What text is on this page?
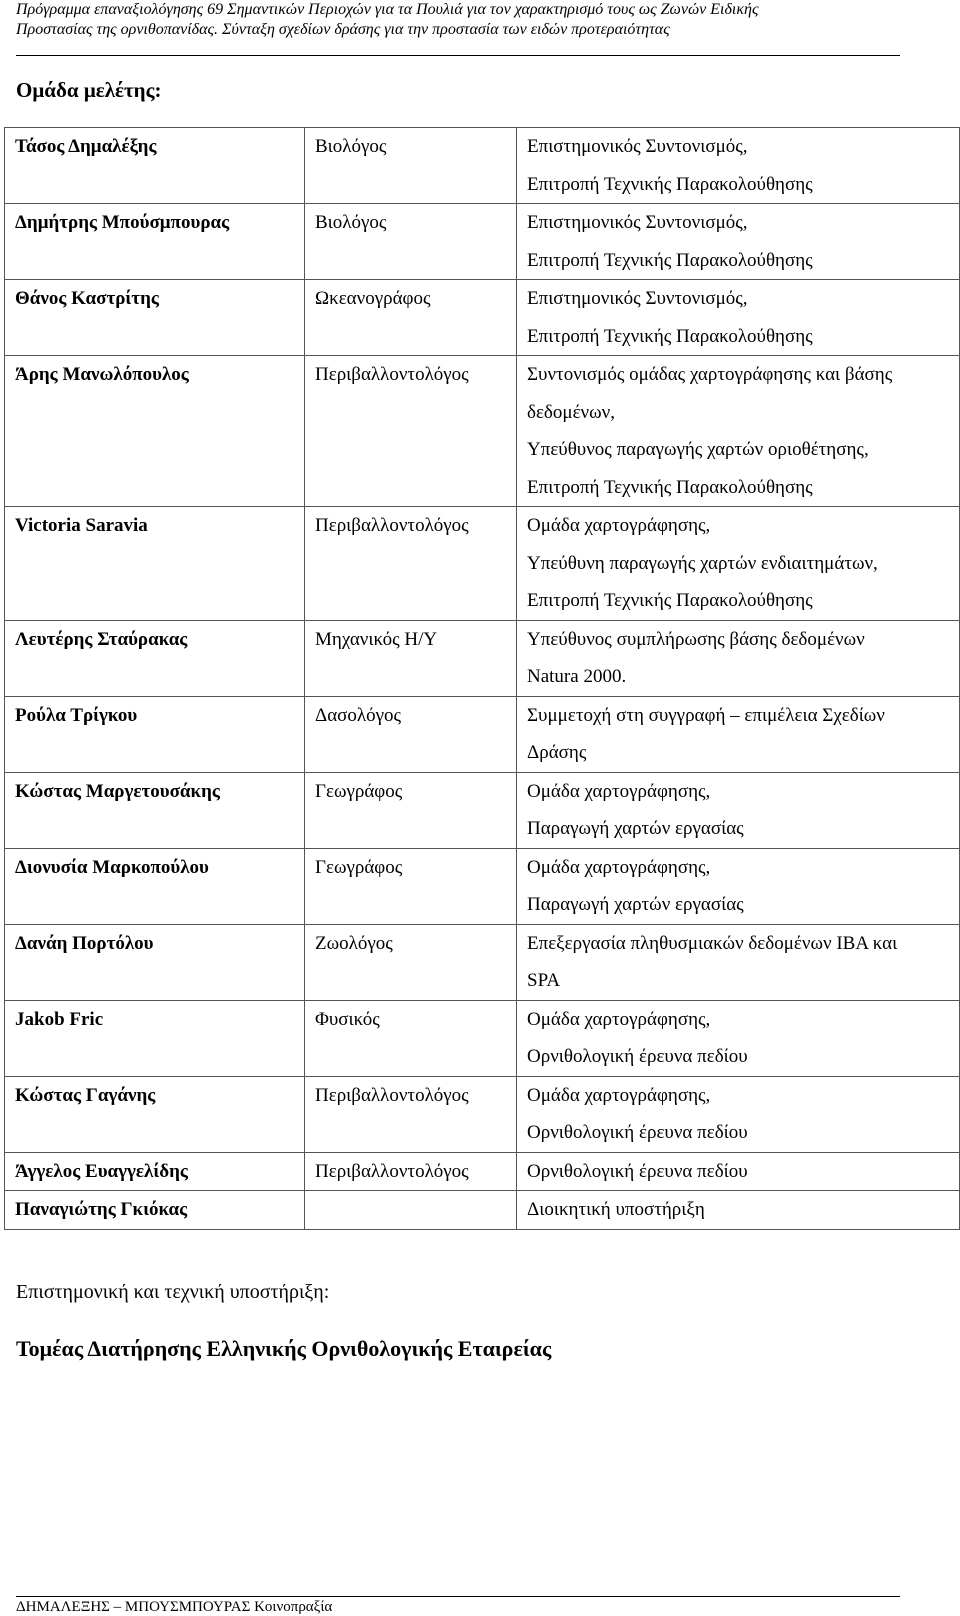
Πρόγραμμα επαναξιολόγησης 69 Σημαντικών Περιοχών για τα Πουλιά για τον χαρακτηρισμό τους ως Ζωνών Ειδικής
Προστασίας της ορνιθοπανίδας. Σύνταξη σχεδίων δράσης για την προστασία των ειδών προτεραιότητας
Ομάδα μελέτης:
Τάσος Δημαλέξης	Βιολόγος	Επιστημονικός Συντονισμός,
Επιτροπή Τεχνικής Παρακολούθησης

Δημήτρης Μπούσμπουρας	Βιολόγος	Επιστημονικός Συντονισμός,
Επιτροπή Τεχνικής Παρακολούθησης

Θάνος Καστρίτης	Ωκεανογράφος	Επιστημονικός Συντονισμός,
Επιτροπή Τεχνικής Παρακολούθησης

Άρης Μανωλόπουλος	Περιβαλλοντολόγος	Συντονισμός ομάδας χαρτογράφησης και βάσης
δεδομένων,
Υπεύθυνος παραγωγής χαρτών οριοθέτησης,
Επιτροπή Τεχνικής Παρακολούθησης

Victoria Saravia	Περιβαλλοντολόγος	Ομάδα χαρτογράφησης,
Υπεύθυνη παραγωγής χαρτών ενδιαιτημάτων,
Επιτροπή Τεχνικής Παρακολούθησης

Λευτέρης Σταύρακας	Μηχανικός Η/Υ	Υπεύθυνος συμπλήρωσης βάσης δεδομένων
Natura 2000.

Ρούλα Τρίγκου	Δασολόγος	Συμμετοχή στη συγγραφή – επιμέλεια Σχεδίων
Δράσης

Κώστας Μαργετουσάκης	Γεωγράφος	Ομάδα χαρτογράφησης,
Παραγωγή χαρτών εργασίας

Διονυσία Μαρκοπούλου	Γεωγράφος	Ομάδα χαρτογράφησης,
Παραγωγή χαρτών εργασίας

Δανάη Πορτόλου	Ζωολόγος	Επεξεργασία πληθυσμιακών δεδομένων IBA και
SPA

Jakob Fric	Φυσικός	Ομάδα χαρτογράφησης,
Ορνιθολογική έρευνα πεδίου

Κώστας Γαγάνης	Περιβαλλοντολόγος	Ομάδα χαρτογράφησης,
Ορνιθολογική έρευνα πεδίου

Άγγελος Ευαγγελίδης	Περιβαλλοντολόγος	Ορνιθολογική έρευνα πεδίου

Παναγιώτης Γκιόκας		Διοικητική υποστήριξη
Επιστημονική και τεχνική υποστήριξη:
Τομέας Διατήρησης Ελληνικής Ορνιθολογικής Εταιρείας
ΔΗΜΑΛΕΞΗΣ – ΜΠΟΥΣΜΠΟΥΡΑΣ Κοινοπραξία
